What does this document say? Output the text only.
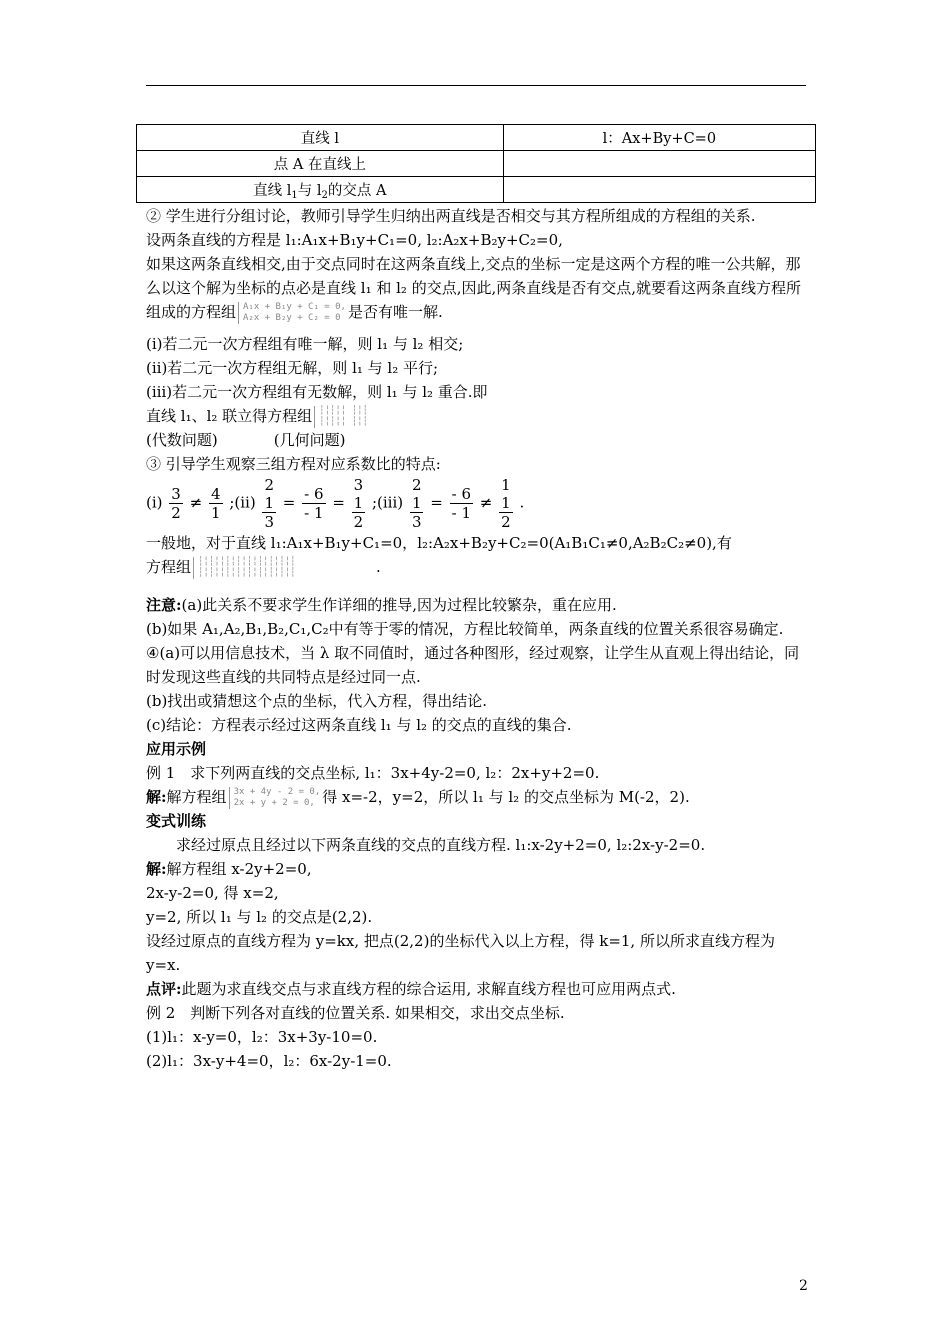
直线 l	l：Ax+By+C=0
点 A 在直线上	
直线 $l_1$与 $l_2$的交点 A	

② 学生进行分组讨论，教师引导学生归纳出两直线是否相交与其方程所组成的方程组的关系.

设两条直线的方程是 l₁:A₁x+B₁y+C₁=0, l₂:A₂x+B₂y+C₂=0,

如果这两条直线相交,由于交点同时在这两条直线上,交点的坐标一定是这两个方程的唯一公共解，那么以这个解为坐标的点必是直线 l₁ 和 l₂ 的交点,因此,两条直线是否有交点,就要看这两条直线方程所组成的方程组 A₁x + B₁y + C₁ = 0,
A₂x + B₂y + C₂ = 0 是否有唯一解.

(ⅰ)若二元一次方程组有唯一解，则 l₁ 与 l₂ 相交;

(ⅱ)若二元一次方程组无解，则 l₁ 与 l₂ 平行;

(ⅲ)若二元一次方程组有无数解，则 l₁ 与 l₂ 重合.即

直线 l₁、l₂ 联立得方程组 ┆╎┆╎╎ ┆╎┆
┆╎┆╎╎ ┆╎┆

(代数问题)	(几何问题)

③ 引导学生观察三组方程对应系数比的特点:

(ⅰ) $\frac{3}{2} \ne \frac{4}{1}$ ;(ⅱ)
2
1
3
= $\frac{- 6}{- 1}$ =
3
1
2
;(ⅲ)
2
1
3
= $\frac{- 6}{- 1}$ ≠
1
1
2
.

一般地，对于直线 l₁:A₁x+B₁y+C₁=0，l₂:A₂x+B₂y+C₂=0(A₁B₁C₁≠0,A₂B₂C₂≠0),有

方程组 ┆╎┆╎╎┆╎┆╎┆╎┆╎┆╎┆╎┆
┆╎┆╎╎┆╎┆╎┆╎┆╎┆╎┆╎┆	.

注意:(a)此关系不要求学生作详细的推导,因为过程比较繁杂，重在应用.

(b)如果 A₁,A₂,B₁,B₂,C₁,C₂中有等于零的情况，方程比较简单，两条直线的位置关系很容易确定.

④(a)可以用信息技术，当 λ 取不同值时，通过各种图形，经过观察，让学生从直观上得出结论，同时发现这些直线的共同特点是经过同一点.

(b)找出或猜想这个点的坐标，代入方程，得出结论.

(c)结论：方程表示经过这两条直线 l₁ 与 l₂ 的交点的直线的集合.

应用示例

例 1　求下列两直线的交点坐标, l₁：3x+4y-2=0, l₂：2x+y+2=0.

解:解方程组 3x + 4y - 2 = 0,
2x + y + 2 = 0, 得 x=-2，y=2，所以 l₁ 与 l₂ 的交点坐标为 M(-2，2).

变式训练

求经过原点且经过以下两条直线的交点的直线方程. l₁:x-2y+2=0, l₂:2x-y-2=0.

解:解方程组 x-2y+2=0,

2x-y-2=0, 得 x=2,

y=2, 所以 l₁ 与 l₂ 的交点是(2,2).

设经过原点的直线方程为 y=kx, 把点(2,2)的坐标代入以上方程，得 k=1, 所以所求直线方程为 y=x.

点评:此题为求直线交点与求直线方程的综合运用, 求解直线方程也可应用两点式.

例 2　判断下列各对直线的位置关系. 如果相交，求出交点坐标.

(1)l₁：x-y=0，l₂：3x+3y-10=0.

(2)l₁：3x-y+4=0，l₂：6x-2y-1=0.

2
